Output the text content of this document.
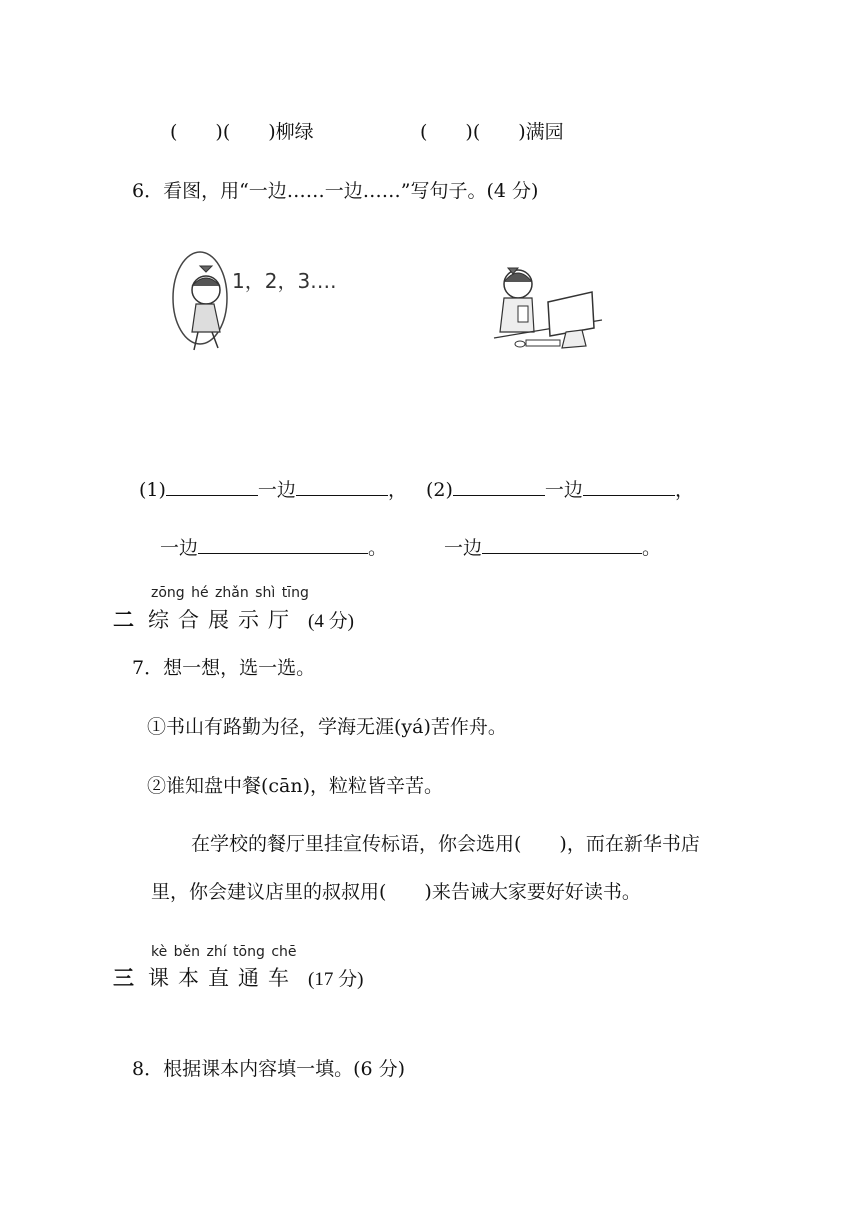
(　　)(　　)柳绿	(　　)(　　)满园
6．看图，用“一边……一边……”写句子。(4 分)
1，2，3….
(1)	一边	， (2)	一边	，
一边	。	一边	。
zōng hé zhǎn shì tīng
二 综合展示厅 (4 分)
7．想一想，选一选。
①书山有路勤为径，学海无涯(yá)苦作舟。
②谁知盘中餐(cān)，粒粒皆辛苦。
在学校的餐厅里挂宣传标语，你会选用(　　)，而在新华书店
里，你会建议店里的叔叔用(　　)来告诫大家要好好读书。
kè běn zhí tōng chē
三 课本直通车 (17 分)
8．根据课本内容填一填。(6 分)
